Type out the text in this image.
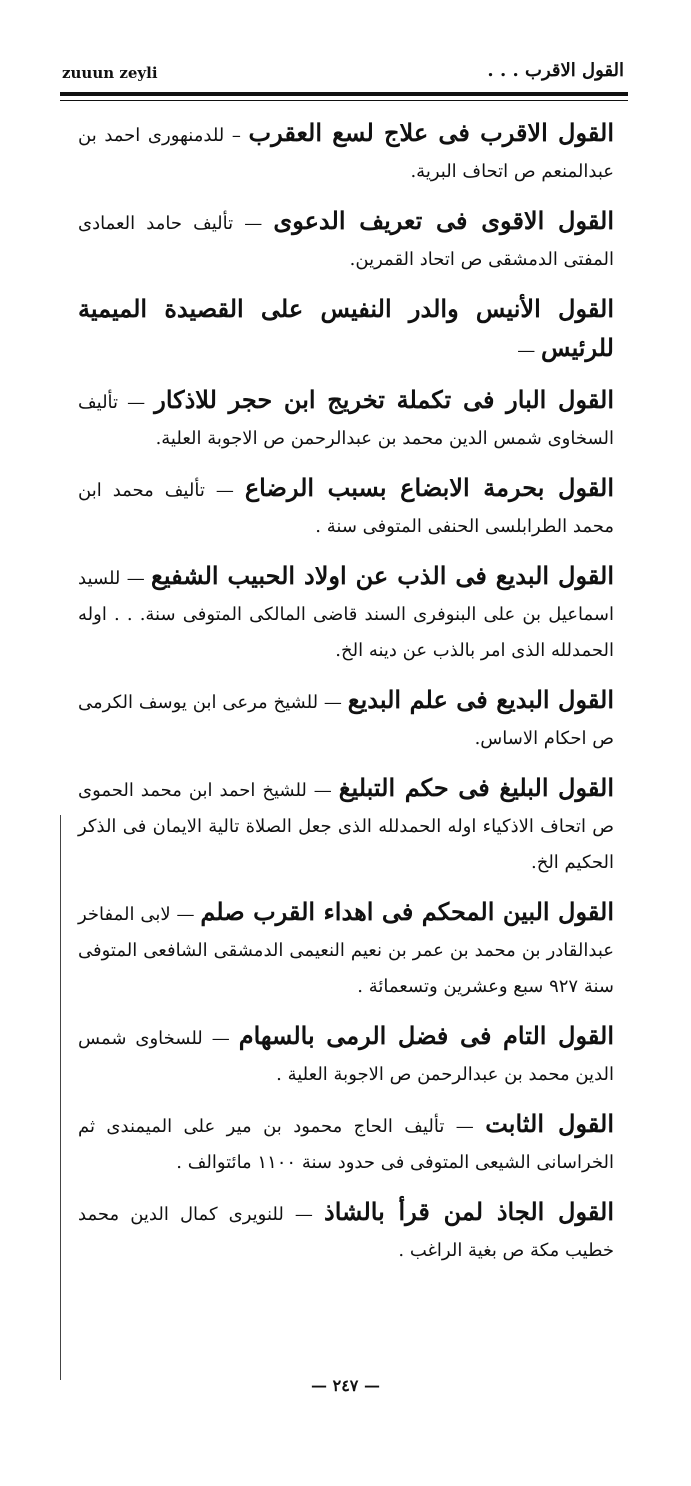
zuuun zeyli	القول الاقرب . . .

القول الاقرب فى علاج لسع العقرب – للدمنهورى احمد بن عبدالمنعم ص اتحاف البرية.

القول الاقوى فى تعريف الدعوى — تأليف حامد العمادى المفتى الدمشقى ص اتحاد القمرين.

القول الأنيس والدر النفيس على القصيدة الميمية للرئيس —

القول البار فى تكملة تخريج ابن حجر للاذكار — تأليف السخاوى شمس الدين محمد بن عبدالرحمن ص الاجوبة العلية.

القول بحرمة الابضاع بسبب الرضاع — تأليف محمد ابن محمد الطرابلسى الحنفى المتوفى سنة .

القول البديع فى الذب عن اولاد الحبيب الشفيع — للسيد اسماعيل بن على البنوفرى السند قاضى المالكى المتوفى سنة. . . اوله الحمدلله الذى امر بالذب عن دينه الخ.

القول البديع فى علم البديع — للشيخ مرعى ابن يوسف الكرمى ص احكام الاساس.

القول البليغ فى حكم التبليغ — للشيخ احمد ابن محمد الحموى ص اتحاف الاذكياء اوله الحمدلله الذى جعل الصلاة تالية الايمان فى الذكر الحكيم الخ.

القول البين المحكم فى اهداء القرب صلم — لابى المفاخر عبدالقادر بن محمد بن عمر بن نعيم النعيمى الدمشقى الشافعى المتوفى سنة ٩٢٧ سبع وعشرين وتسعمائة .

القول التام فى فضل الرمى بالسهام — للسخاوى شمس الدين محمد بن عبدالرحمن ص الاجوبة العلية .

القول الثابت — تأليف الحاج محمود بن مير على الميمندى ثم الخراسانى الشيعى المتوفى فى حدود سنة ١١٠٠ مائتوالف .

القول الجاذ لمن قرأ بالشاذ — للنويرى كمال الدين محمد خطيب مكة ص بغية الراغب .

— ٢٤٧ —
